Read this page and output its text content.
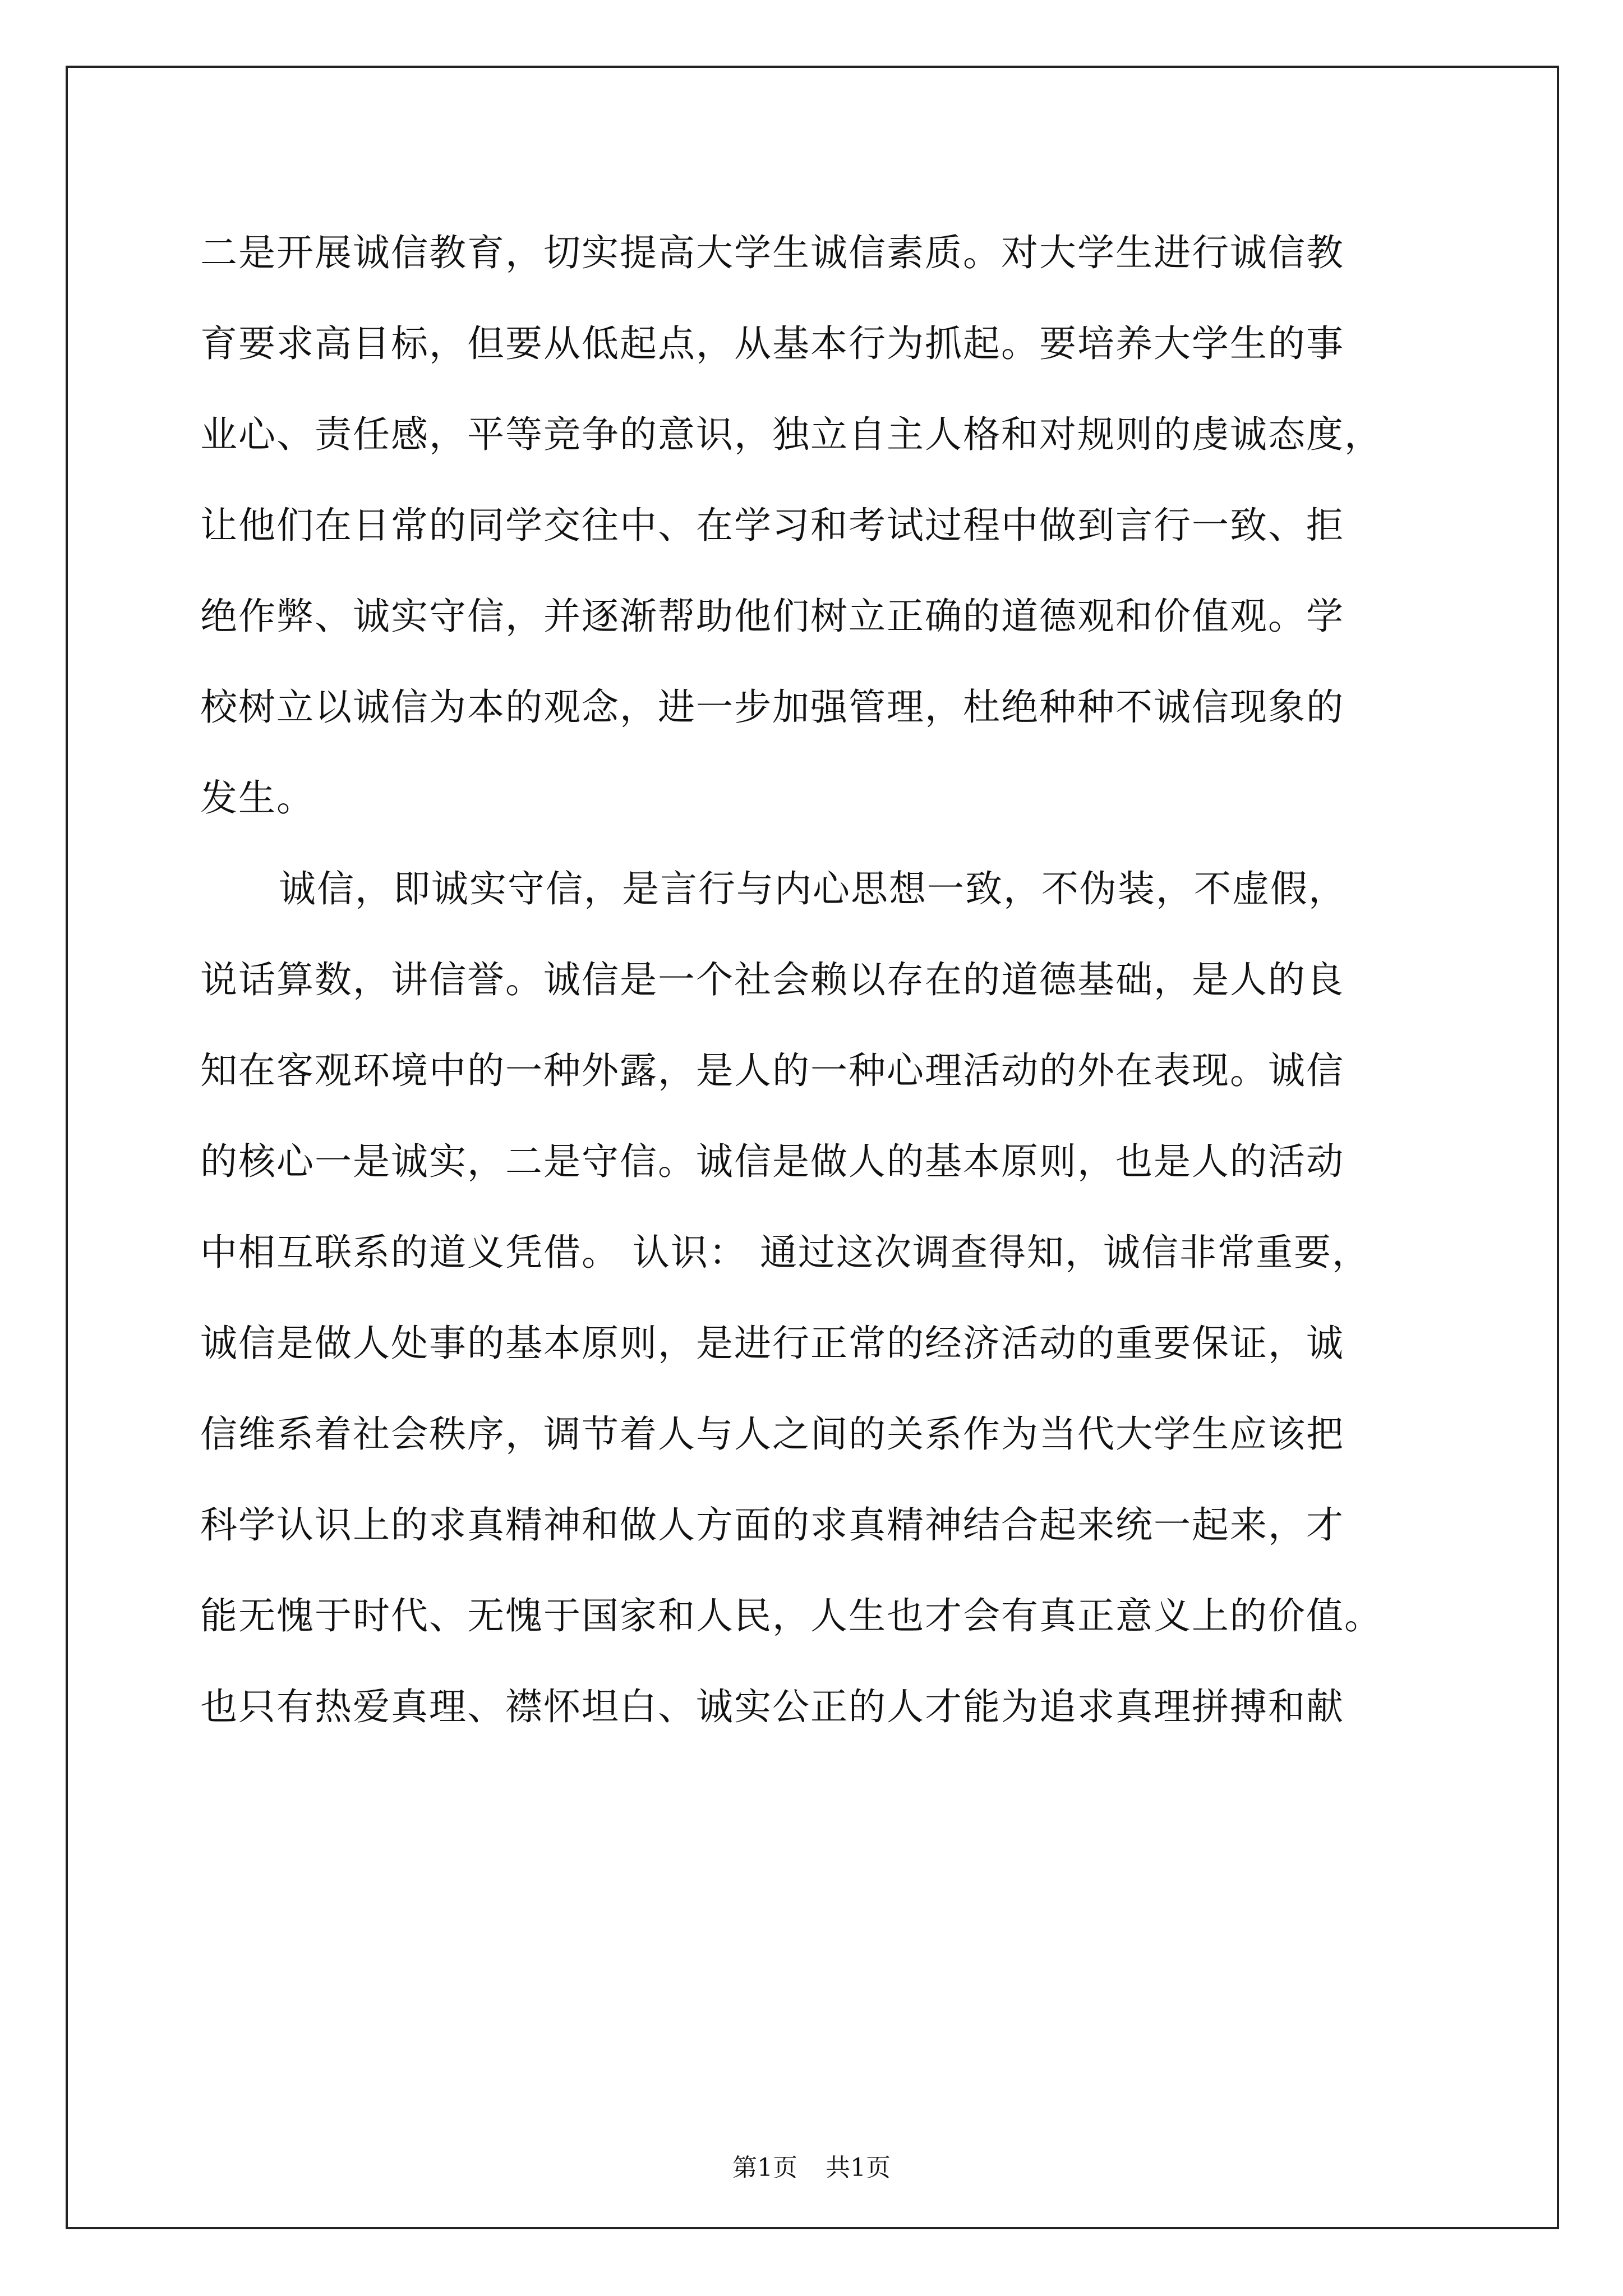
二是开展诚信教育，切实提高大学生诚信素质。对大学生进行诚信教
育要求高目标，但要从低起点，从基本行为抓起。要培养大学生的事
业心、责任感，平等竞争的意识，独立自主人格和对规则的虔诚态度，
让他们在日常的同学交往中、在学习和考试过程中做到言行一致、拒
绝作弊、诚实守信，并逐渐帮助他们树立正确的道德观和价值观。学
校树立以诚信为本的观念，进一步加强管理，杜绝种种不诚信现象的
发生。
诚信，即诚实守信，是言行与内心思想一致，不伪装，不虚假，
说话算数，讲信誉。诚信是一个社会赖以存在的道德基础，是人的良
知在客观环境中的一种外露，是人的一种心理活动的外在表现。诚信
的核心一是诚实，二是守信。诚信是做人的基本原则，也是人的活动
中相互联系的道义凭借。 认识： 通过这次调查得知，诚信非常重要，
诚信是做人处事的基本原则，是进行正常的经济活动的重要保证，诚
信维系着社会秩序，调节着人与人之间的关系作为当代大学生应该把
科学认识上的求真精神和做人方面的求真精神结合起来统一起来，才
能无愧于时代、无愧于国家和人民，人生也才会有真正意义上的价值。
也只有热爱真理、襟怀坦白、诚实公正的人才能为追求真理拼搏和献
第1页 共1页
